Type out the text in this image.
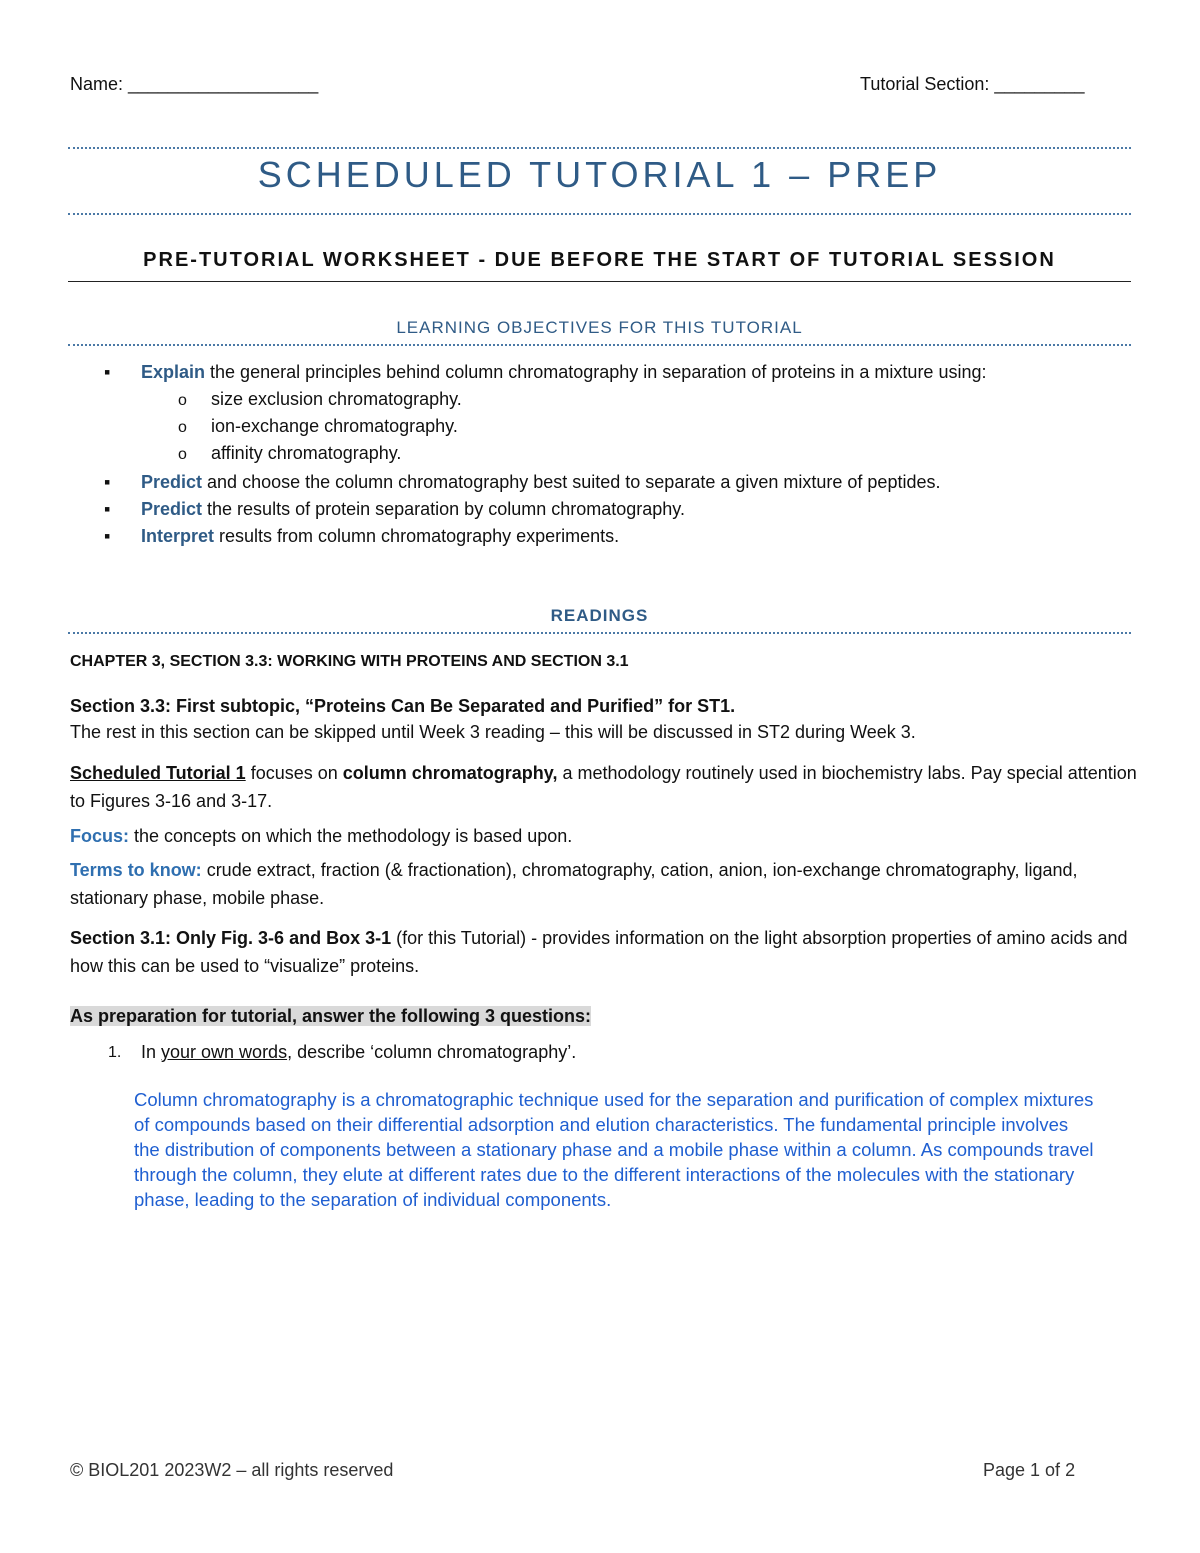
Name: ___________________	Tutorial Section: _________
SCHEDULED TUTORIAL 1 – PREP
PRE-TUTORIAL WORKSHEET - DUE BEFORE THE START OF TUTORIAL SESSION
LEARNING OBJECTIVES FOR THIS TUTORIAL
▪ Explain the general principles behind column chromatography in separation of proteins in a mixture using:
o size exclusion chromatography.
o ion-exchange chromatography.
o affinity chromatography.
▪ Predict and choose the column chromatography best suited to separate a given mixture of peptides.
▪ Predict the results of protein separation by column chromatography.
▪ Interpret results from column chromatography experiments.
READINGS
CHAPTER 3, SECTION 3.3: WORKING WITH PROTEINS AND SECTION 3.1
Section 3.3: First subtopic, “Proteins Can Be Separated and Purified” for ST1.
The rest in this section can be skipped until Week 3 reading – this will be discussed in ST2 during Week 3.
Scheduled Tutorial 1 focuses on column chromatography, a methodology routinely used in biochemistry labs. Pay special attention to Figures 3-16 and 3-17.
Focus: the concepts on which the methodology is based upon.
Terms to know: crude extract, fraction (& fractionation), chromatography, cation, anion, ion-exchange chromatography, ligand, stationary phase, mobile phase.
Section 3.1: Only Fig. 3-6 and Box 3-1 (for this Tutorial) - provides information on the light absorption properties of amino acids and how this can be used to “visualize” proteins.
As preparation for tutorial, answer the following 3 questions:
1. In your own words, describe ‘column chromatography’.
Column chromatography is a chromatographic technique used for the separation and purification of complex mixtures of compounds based on their differential adsorption and elution characteristics. The fundamental principle involves the distribution of components between a stationary phase and a mobile phase within a column. As compounds travel through the column, they elute at different rates due to the different interactions of the molecules with the stationary phase, leading to the separation of individual components.
© BIOL201 2023W2 – all rights reserved	Page 1 of 2
